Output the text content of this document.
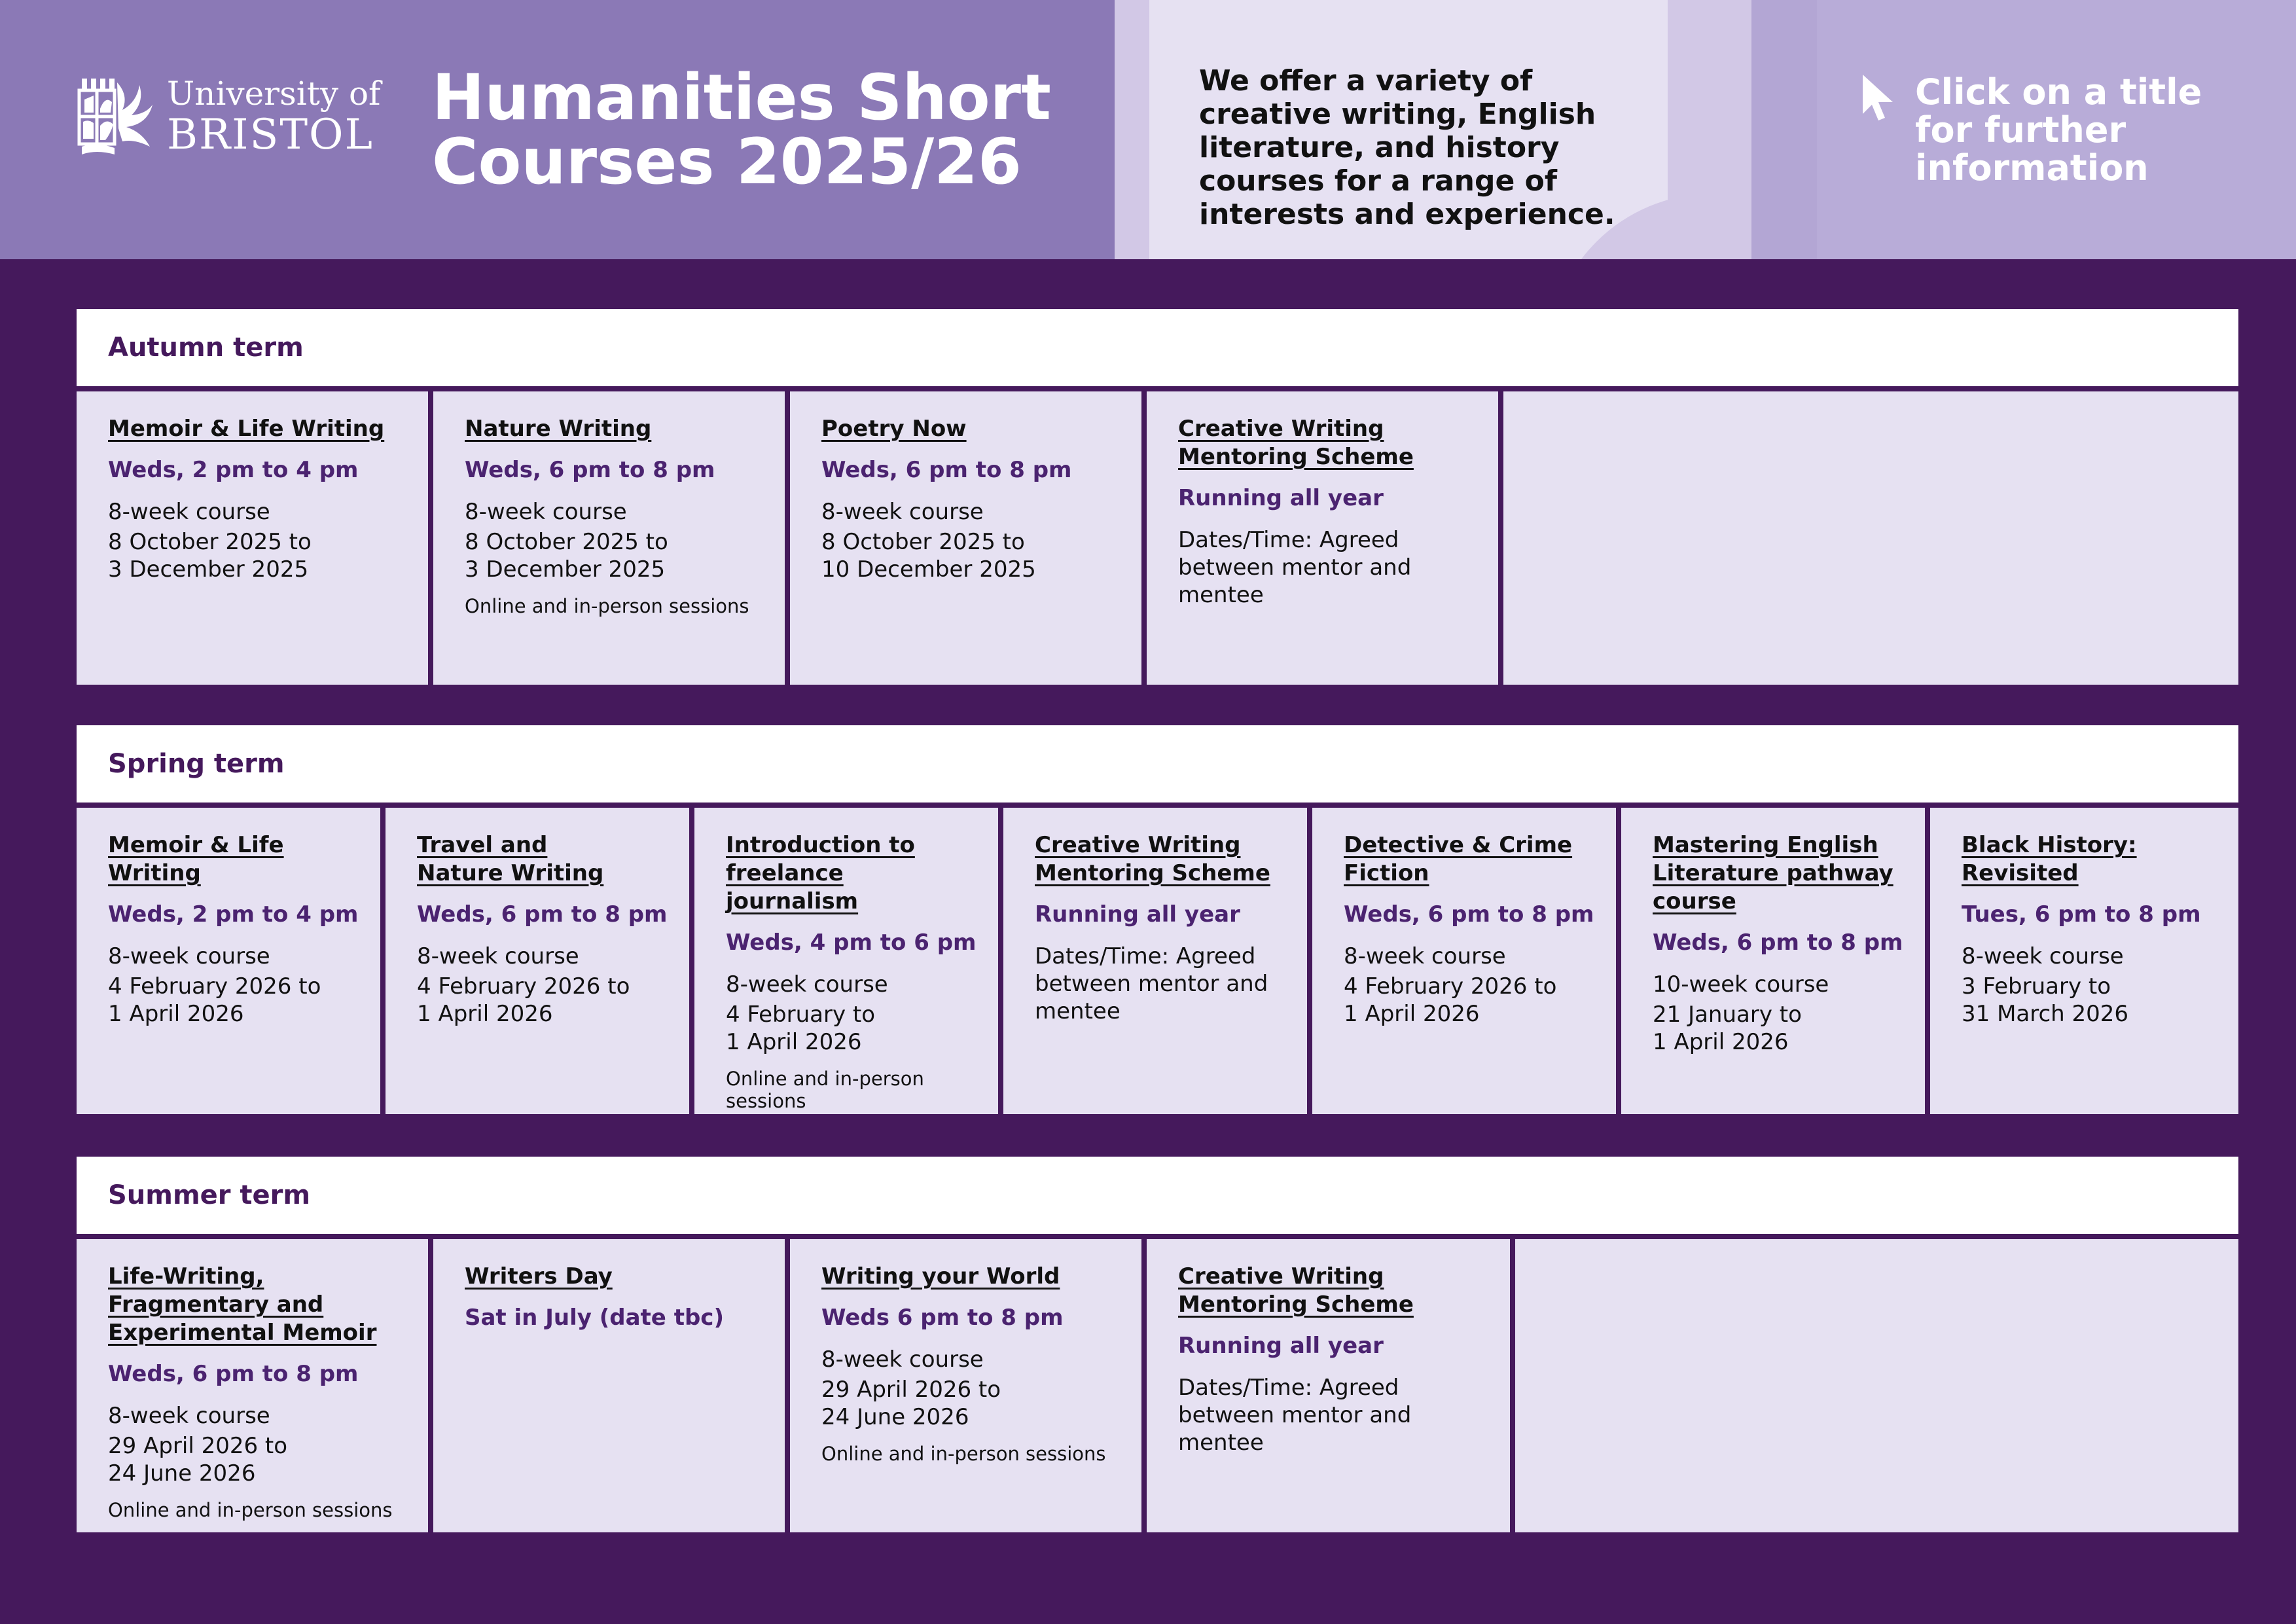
University of
BRISTOL
Humanities Short
Courses 2025/26
We offer a variety of creative writing, English literature, and history courses for a range of interests and experience.
Click on a title for further information
Autumn term
Memoir & Life Writing
Weds, 2 pm to 4 pm
8-week course
8 October 2025 to
3 December 2025
Nature Writing
Weds, 6 pm to 8 pm
8-week course
8 October 2025 to
3 December 2025
Online and in-person sessions
Poetry Now
Weds, 6 pm to 8 pm
8-week course
8 October 2025 to
10 December 2025
Creative Writing Mentoring Scheme
Running all year
Dates/Time: Agreed between mentor and mentee
Spring term
Memoir & Life Writing
Weds, 2 pm to 4 pm
8-week course
4 February 2026 to
1 April 2026
Travel and Nature Writing
Weds, 6 pm to 8 pm
8-week course
4 February 2026 to
1 April 2026
Introduction to freelance journalism
Weds, 4 pm to 6 pm
8-week course
4 February to
1 April 2026
Online and in-person sessions
Creative Writing Mentoring Scheme
Running all year
Dates/Time: Agreed between mentor and mentee
Detective & Crime Fiction
Weds, 6 pm to 8 pm
8-week course
4 February 2026 to
1 April 2026
Mastering English Literature pathway course
Weds, 6 pm to 8 pm
10-week course
21 January to
1 April 2026
Black History: Revisited
Tues, 6 pm to 8 pm
8-week course
3 February to
31 March 2026
Summer term
Life-Writing, Fragmentary and Experimental Memoir
Weds, 6 pm to 8 pm
8-week course
29 April 2026 to
24 June 2026
Online and in-person sessions
Writers Day
Sat in July (date tbc)
Writing your World
Weds 6 pm to 8 pm
8-week course
29 April 2026 to
24 June 2026
Online and in-person sessions
Creative Writing Mentoring Scheme
Running all year
Dates/Time: Agreed between mentor and mentee
